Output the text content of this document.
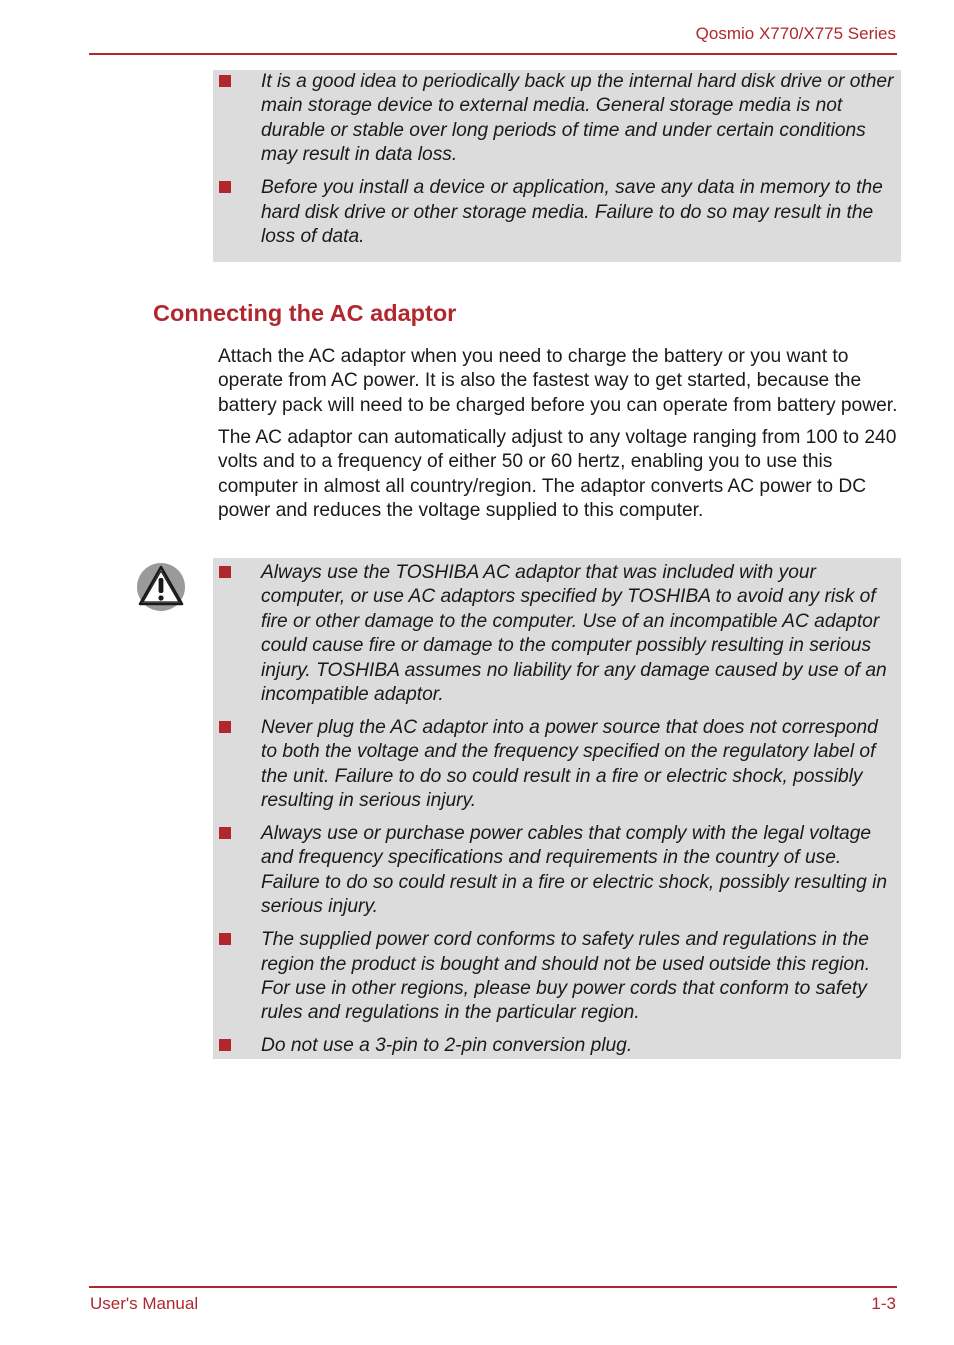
Qosmio X770/X775 Series
It is a good idea to periodically back up the internal hard disk drive or other main storage device to external media. General storage media is not durable or stable over long periods of time and under certain conditions may result in data loss.
Before you install a device or application, save any data in memory to the hard disk drive or other storage media. Failure to do so may result in the loss of data.
Connecting the AC adaptor

Attach the AC adaptor when you need to charge the battery or you want to operate from AC power. It is also the fastest way to get started, because the battery pack will need to be charged before you can operate from battery power.

The AC adaptor can automatically adjust to any voltage ranging from 100 to 240 volts and to a frequency of either 50 or 60 hertz, enabling you to use this computer in almost all country/region. The adaptor converts AC power to DC power and reduces the voltage supplied to this computer.

Always use the TOSHIBA AC adaptor that was included with your computer, or use AC adaptors specified by TOSHIBA to avoid any risk of fire or other damage to the computer. Use of an incompatible AC adaptor could cause fire or damage to the computer possibly resulting in serious injury. TOSHIBA assumes no liability for any damage caused by use of an incompatible adaptor.
Never plug the AC adaptor into a power source that does not correspond to both the voltage and the frequency specified on the regulatory label of the unit. Failure to do so could result in a fire or electric shock, possibly resulting in serious injury.
Always use or purchase power cables that comply with the legal voltage and frequency specifications and requirements in the country of use. Failure to do so could result in a fire or electric shock, possibly resulting in serious injury.
The supplied power cord conforms to safety rules and regulations in the region the product is bought and should not be used outside this region. For use in other regions, please buy power cords that conform to safety rules and regulations in the particular region.
Do not use a 3-pin to 2-pin conversion plug.
User's Manual	1-3
